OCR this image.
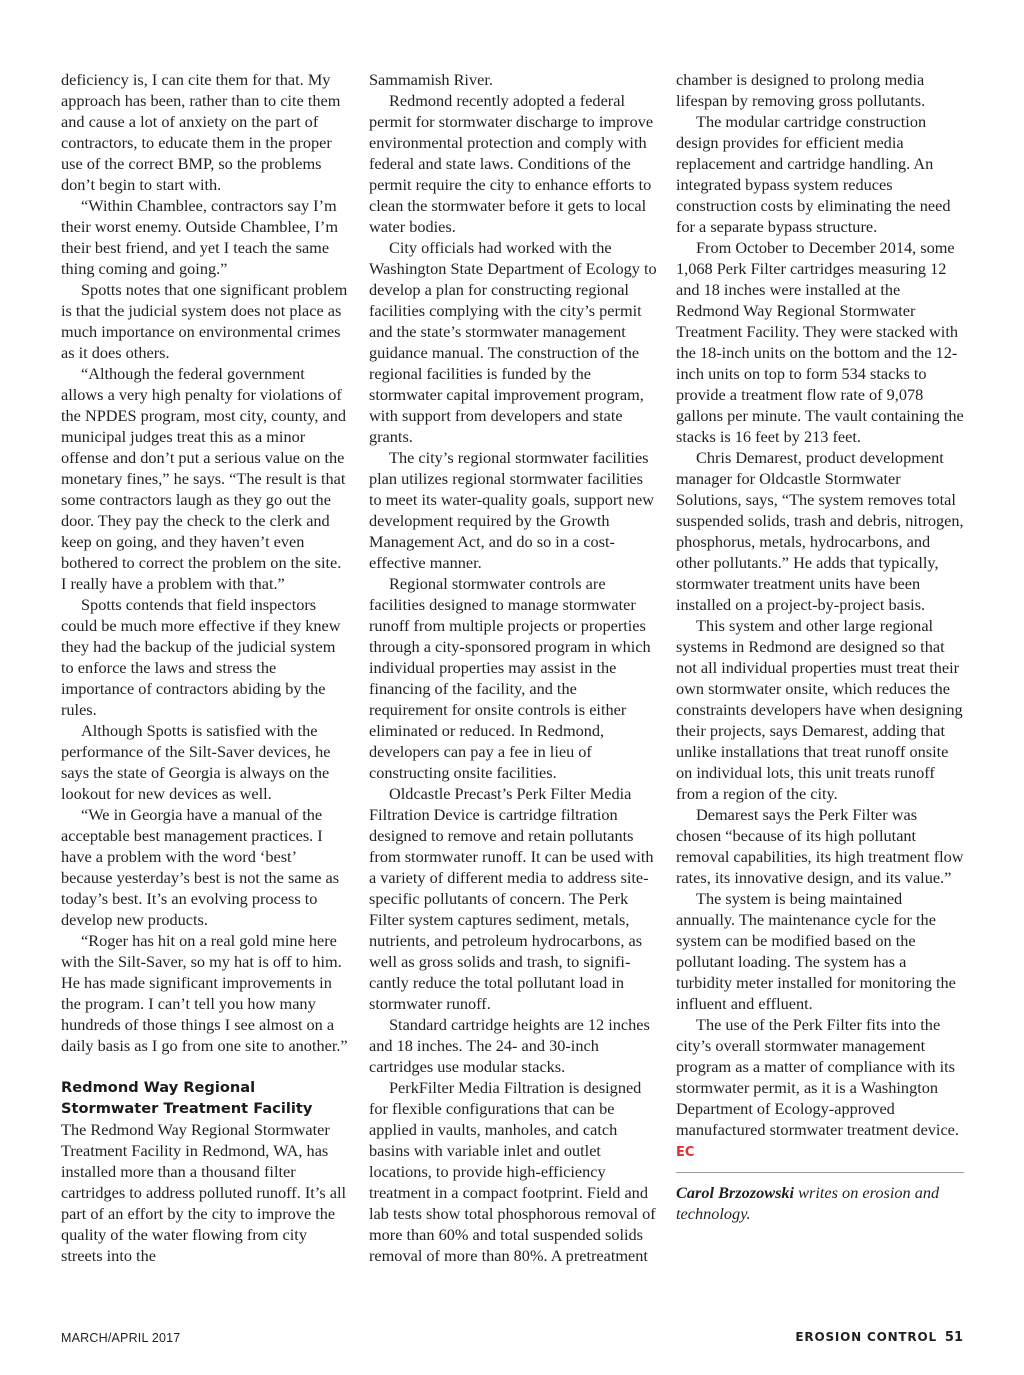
deficiency is, I can cite them for that. My approach has been, rather than to cite them and cause a lot of anxiety on the part of contractors, to educate them in the proper use of the correct BMP, so the problems don’t begin to start with.

“Within Chamblee, contractors say I’m their worst enemy. Outside Chamblee, I’m their best friend, and yet I teach the same thing coming and going.”

Spotts notes that one significant problem is that the judicial system does not place as much importance on environmental crimes as it does others.

“Although the federal government allows a very high penalty for violations of the NPDES program, most city, county, and municipal judges treat this as a minor offense and don’t put a serious value on the monetary fines,” he says. “The result is that some contractors laugh as they go out the door. They pay the check to the clerk and keep on going, and they haven’t even bothered to correct the problem on the site. I really have a problem with that.”

Spotts contends that field inspectors could be much more effective if they knew they had the backup of the judicial system to enforce the laws and stress the importance of contractors abiding by the rules.

Although Spotts is satisfied with the performance of the Silt-Saver devices, he says the state of Georgia is always on the lookout for new devices as well.

“We in Georgia have a manual of the acceptable best management practices. I have a problem with the word ‘best’ because yesterday’s best is not the same as today’s best. It’s an evolving process to develop new products.

“Roger has hit on a real gold mine here with the Silt-Saver, so my hat is off to him. He has made significant improvements in the program. I can’t tell you how many hundreds of those things I see almost on a daily basis as I go from one site to another.”

Redmond Way Regional Stormwater Treatment Facility

The Redmond Way Regional Stormwater Treatment Facility in Redmond, WA, has installed more than a thousand filter cartridges to address polluted runoff. It’s all part of an effort by the city to improve the quality of the water flowing from city streets into the

Sammamish River.

Redmond recently adopted a federal permit for stormwater discharge to improve environmental protection and comply with federal and state laws. Conditions of the permit require the city to enhance efforts to clean the stormwater before it gets to local water bodies.

City officials had worked with the Washington State Department of Ecology to develop a plan for constructing regional facilities complying with the city’s permit and the state’s stormwater management guidance manual. The construction of the regional facilities is funded by the stormwater capital improvement program, with support from developers and state grants.

The city’s regional stormwater facilities plan utilizes regional stormwater facilities to meet its water-quality goals, support new development required by the Growth Management Act, and do so in a cost-effective manner.

Regional stormwater controls are facilities designed to manage stormwater runoff from multiple projects or properties through a city-sponsored program in which individual properties may assist in the financing of the facility, and the requirement for onsite controls is either eliminated or reduced. In Redmond, developers can pay a fee in lieu of constructing onsite facilities.

Oldcastle Precast’s Perk Filter Media Filtration Device is cartridge filtration designed to remove and retain pollutants from stormwater runoff. It can be used with a variety of different media to address site-specific pollutants of concern. The Perk Filter system captures sediment, metals, nutrients, and petroleum hydrocarbons, as well as gross solids and trash, to significantly reduce the total pollutant load in stormwater runoff.

Standard cartridge heights are 12 inches and 18 inches. The 24- and 30-inch cartridges use modular stacks.

PerkFilter Media Filtration is designed for flexible configurations that can be applied in vaults, manholes, and catch basins with variable inlet and outlet locations, to provide high-efficiency treatment in a compact footprint. Field and lab tests show total phosphorous removal of more than 60% and total suspended solids removal of more than 80%. A pretreatment

chamber is designed to prolong media lifespan by removing gross pollutants.

The modular cartridge construction design provides for efficient media replacement and cartridge handling. An integrated bypass system reduces construction costs by eliminating the need for a separate bypass structure.

From October to December 2014, some 1,068 Perk Filter cartridges measuring 12 and 18 inches were installed at the Redmond Way Regional Stormwater Treatment Facility. They were stacked with the 18-inch units on the bottom and the 12-inch units on top to form 534 stacks to provide a treatment flow rate of 9,078 gallons per minute. The vault containing the stacks is 16 feet by 213 feet.

Chris Demarest, product development manager for Oldcastle Stormwater Solutions, says, “The system removes total suspended solids, trash and debris, nitrogen, phosphorus, metals, hydrocarbons, and other pollutants.” He adds that typically, stormwater treatment units have been installed on a project-by-project basis.

This system and other large regional systems in Redmond are designed so that not all individual properties must treat their own stormwater onsite, which reduces the constraints developers have when designing their projects, says Demarest, adding that unlike installations that treat runoff onsite on individual lots, this unit treats runoff from a region of the city.

Demarest says the Perk Filter was chosen “because of its high pollutant removal capabilities, its high treatment flow rates, its innovative design, and its value.”

The system is being maintained annually. The maintenance cycle for the system can be modified based on the pollutant loading. The system has a turbidity meter installed for monitoring the influent and effluent.

The use of the Perk Filter fits into the city’s overall stormwater management program as a matter of compliance with its stormwater permit, as it is a Washington Department of Ecology-approved manufactured stormwater treatment device. EC

Carol Brzozowski writes on erosion and technology.

MARCH/APRIL 2017	EROSION CONTROL 51
